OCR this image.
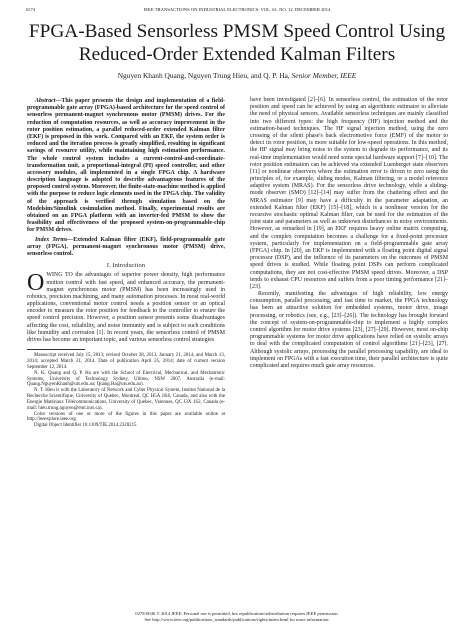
IEEE TRANSACTIONS ON INDUSTRIAL ELECTRONICS, VOL. 61, NO. 12, DECEMBER 2014
6574
FPGA-Based Sensorless PMSM Speed Control Using Reduced-Order Extended Kalman Filters
Nguyen Khanh Quang, Nguyen Trung Hieu, and Q. P. Ha, Senior Member, IEEE

Abstract—This paper presents the design and implementation of a field-programmable gate array (FPGA)-based architecture for the speed control of sensorless permanent-magnet synchronous motor (PMSM) drives. For the reduction of computation resources, as well as accuracy improvement in the rotor position estimation, a parallel reduced-order extended Kalman filter (EKF) is proposed in this work. Compared with an EKF, the system order is reduced and the iteration process is greatly simplified, resulting in significant savings of resource utility, while maintaining high estimation performance. The whole control system includes a current-control-and-coordinate-transformation unit, a proportional-integral (PI) speed controller, and other accessory modules, all implemented in a single FPGA chip. A hardware description language is adopted to describe advantageous features of the proposed control system. Moreover, the finite-state-machine method is applied with the purpose to reduce logic elements used in the FPGA chip. The validity of the approach is verified through simulation based on the Modelsim/Simulink cosimulation method. Finally, experimental results are obtained on an FPGA platform with an inverter-fed PMSM to show the feasibility and effectiveness of the proposed system-on-programmable-chip for PMSM drives.

Index Terms—Extended Kalman filter (EKF), field-programmable gate array (FPGA), permanent-magnet synchronous motor (PMSM) drive, sensorless control.

I. Introduction

OWING TO the advantages of superior power density, high performance motion control with fast speed, and enhanced accuracy, the permanent-magnet synchronous motor (PMSM) has been increasingly used in robotics, precision machining, and many automation processes. In most real-world applications, conventional motor control needs a position sensor or an optical encoder to measure the rotor position for feedback to the controller to ensure the speed control precision. However, a position sensor presents some disadvantages affecting the cost, reliability, and noise immunity and is subject to such conditions like humidity and corrosion [1]. In recent years, the sensorless control of PMSM drives has become an important topic, and various sensorless control strategies

Manuscript received July 15, 2013; revised October 28, 2013, January 21, 2014, and March 13, 2014; accepted March 31, 2014. Date of publication April 25, 2014; date of current version September 12, 2014.

N. K. Quang and Q. P. Ha are with the School of Electrical, Mechanical, and Mechatronic Systems, University of Technology Sydney, Ultimo, NSW 2007, Australia (e-mail: Quang.NguyenKhanh@uts.edu.au; Quang.Ha@uts.edu.au).

N. T. Hieu is with the Laboratory of Network and Cyber Physical System, Institut National de la Recherche Scientifique, University of Quebec, Montreal, QC H5A 1K6, Canada, and also with the Energie Matériaux Télécommunications, University of Quebec, Varennes, QC J3X 1S2, Canada (e-mail: hieu.trung.nguyen@emt.inrs.ca).

Color versions of one or more of the figures in this paper are available online at http://ieeexplore.ieee.org.

Digital Object Identifier 10.1109/TIE.2014.2320215

have been investigated [2]–[6]. In sensorless control, the estimation of the rotor position and speed can be achieved by using an algorithmic estimator to alleviate the need of physical sensors. Available sensorless techniques are mainly classified into two different types: the high frequency (HF) injection method and the estimation-based techniques. The HF signal injection method, using the zero crossing of the silent phase's back electromotive force (EMF) of the motor to detect its rotor position, is more suitable for low-speed operations. In this method, the HF signal may bring noise to the system to degrade its performance, and its real-time implementation would need some special hardware support [7]–[10]. The rotor position estimation can be achieved via extended Luenberger state observers [11] or nonlinear observers where the estimation error is driven to zero using the principles of, for example, sliding modes, Kalman filtering, or a model reference adaptive system (MRAS). For the sensorless drive technology, while a sliding-mode observer (SMO) [12]–[14] may suffer from the chattering effect and the MRAS estimator [9] may have a difficulty in the parameter adaptation, an extended Kalman filter (EKF) [15]–[18], which is a nonlinear version for the recursive stochastic optimal Kalman filter, can be used for the estimation of the joint state and parameters as well as unknown disturbances in noisy environments. However, as remarked in [19], an EKF requires heavy online matrix computing, and the complex computation becomes a challenge for a fixed-point processor system, particularly for implementation on a field-programmable gate array (FPGA) chip. In [20], an EKF is implemented with a floating point digital signal processor (DSP), and the influence of its parameters on the outcomes of PMSM speed drives is studied. While floating point DSPs can perform complicated computations, they are not cost-effective PMSM speed drives. Moreover, a DSP tends to exhaust CPU resources and suffers from a poor timing performance [21]–[23].

Recently, manifesting the advantages of high reliability, low energy consumption, parallel processing, and fast time to market, the FPGA technology has been an attractive solution for embedded systems, motor drive, image processing, or robotics (see, e.g., [23]–[26]). The technology has brought forward the concept of system-on-programmable-chip to implement a highly complex control algorithm for motor drive systems [23], [27]–[29]. However, most on-chip programmable systems for motor drive applications have relied on systolic arrays to deal with the complicated computation of control algorithms [21]–[23], [27]. Although systolic arrays, processing the parallel processing capability, are ideal to implement on FPGAs with a fast execution time, their parallel architecture is quite complicated and requires much gate array resources.

0278-0046 © 2014 IEEE. Personal use is permitted, but republication/redistribution requires IEEE permission.
See http://www.ieee.org/publications_standards/publications/rights/index.html for more information.
